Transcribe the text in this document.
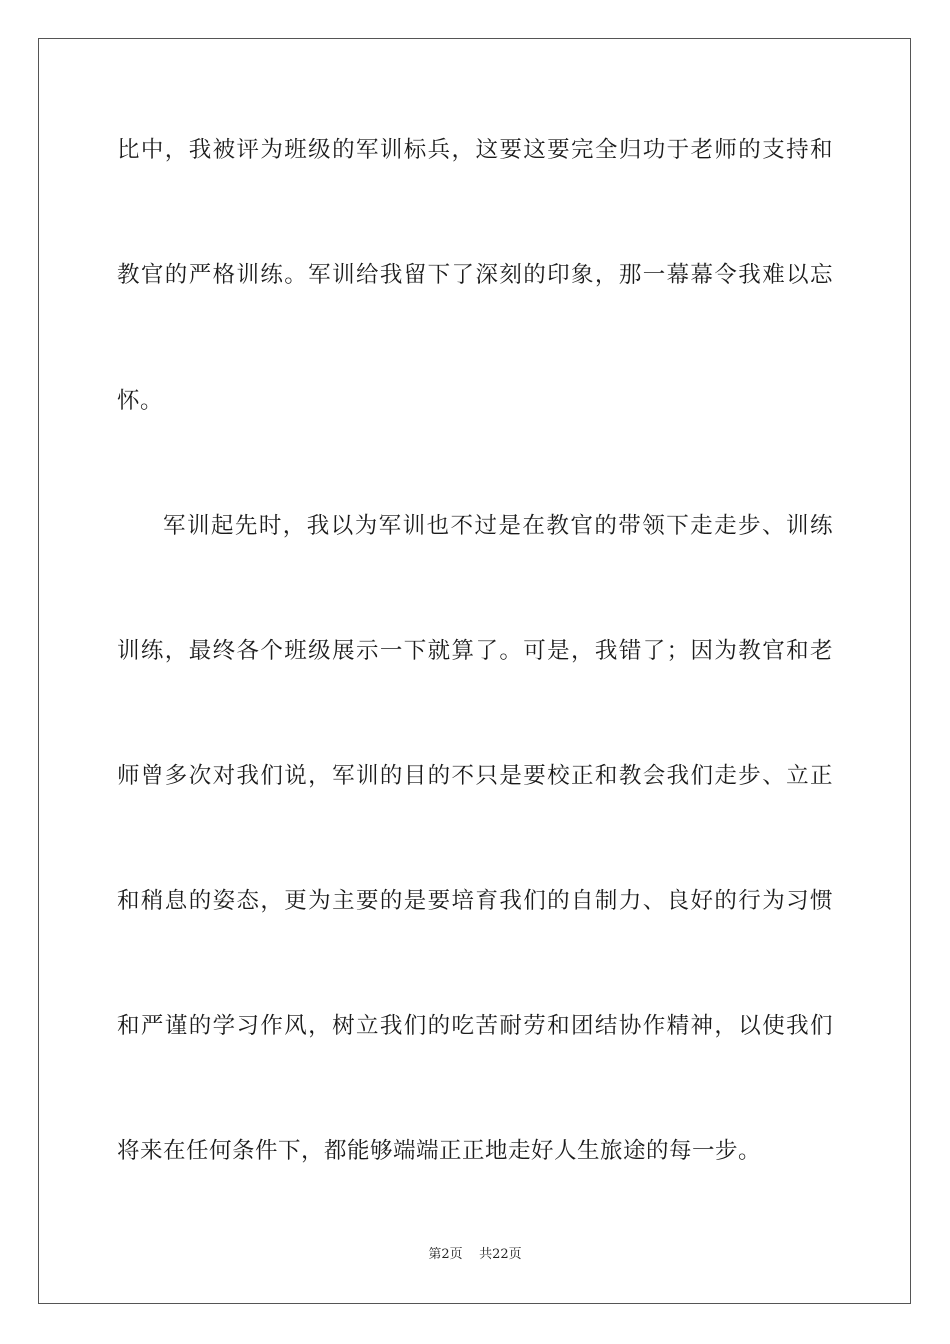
比中，我被评为班级的军训标兵，这要这要完全归功于老师的支持和
教官的严格训练。军训给我留下了深刻的印象，那一幕幕令我难以忘
怀。
军训起先时，我以为军训也不过是在教官的带领下走走步、训练
训练，最终各个班级展示一下就算了。可是，我错了；因为教官和老
师曾多次对我们说，军训的目的不只是要校正和教会我们走步、立正
和稍息的姿态，更为主要的是要培育我们的自制力、良好的行为习惯
和严谨的学习作风，树立我们的吃苦耐劳和团结协作精神，以使我们
将来在任何条件下，都能够端端正正地走好人生旅途的每一步。
第2页    共22页
